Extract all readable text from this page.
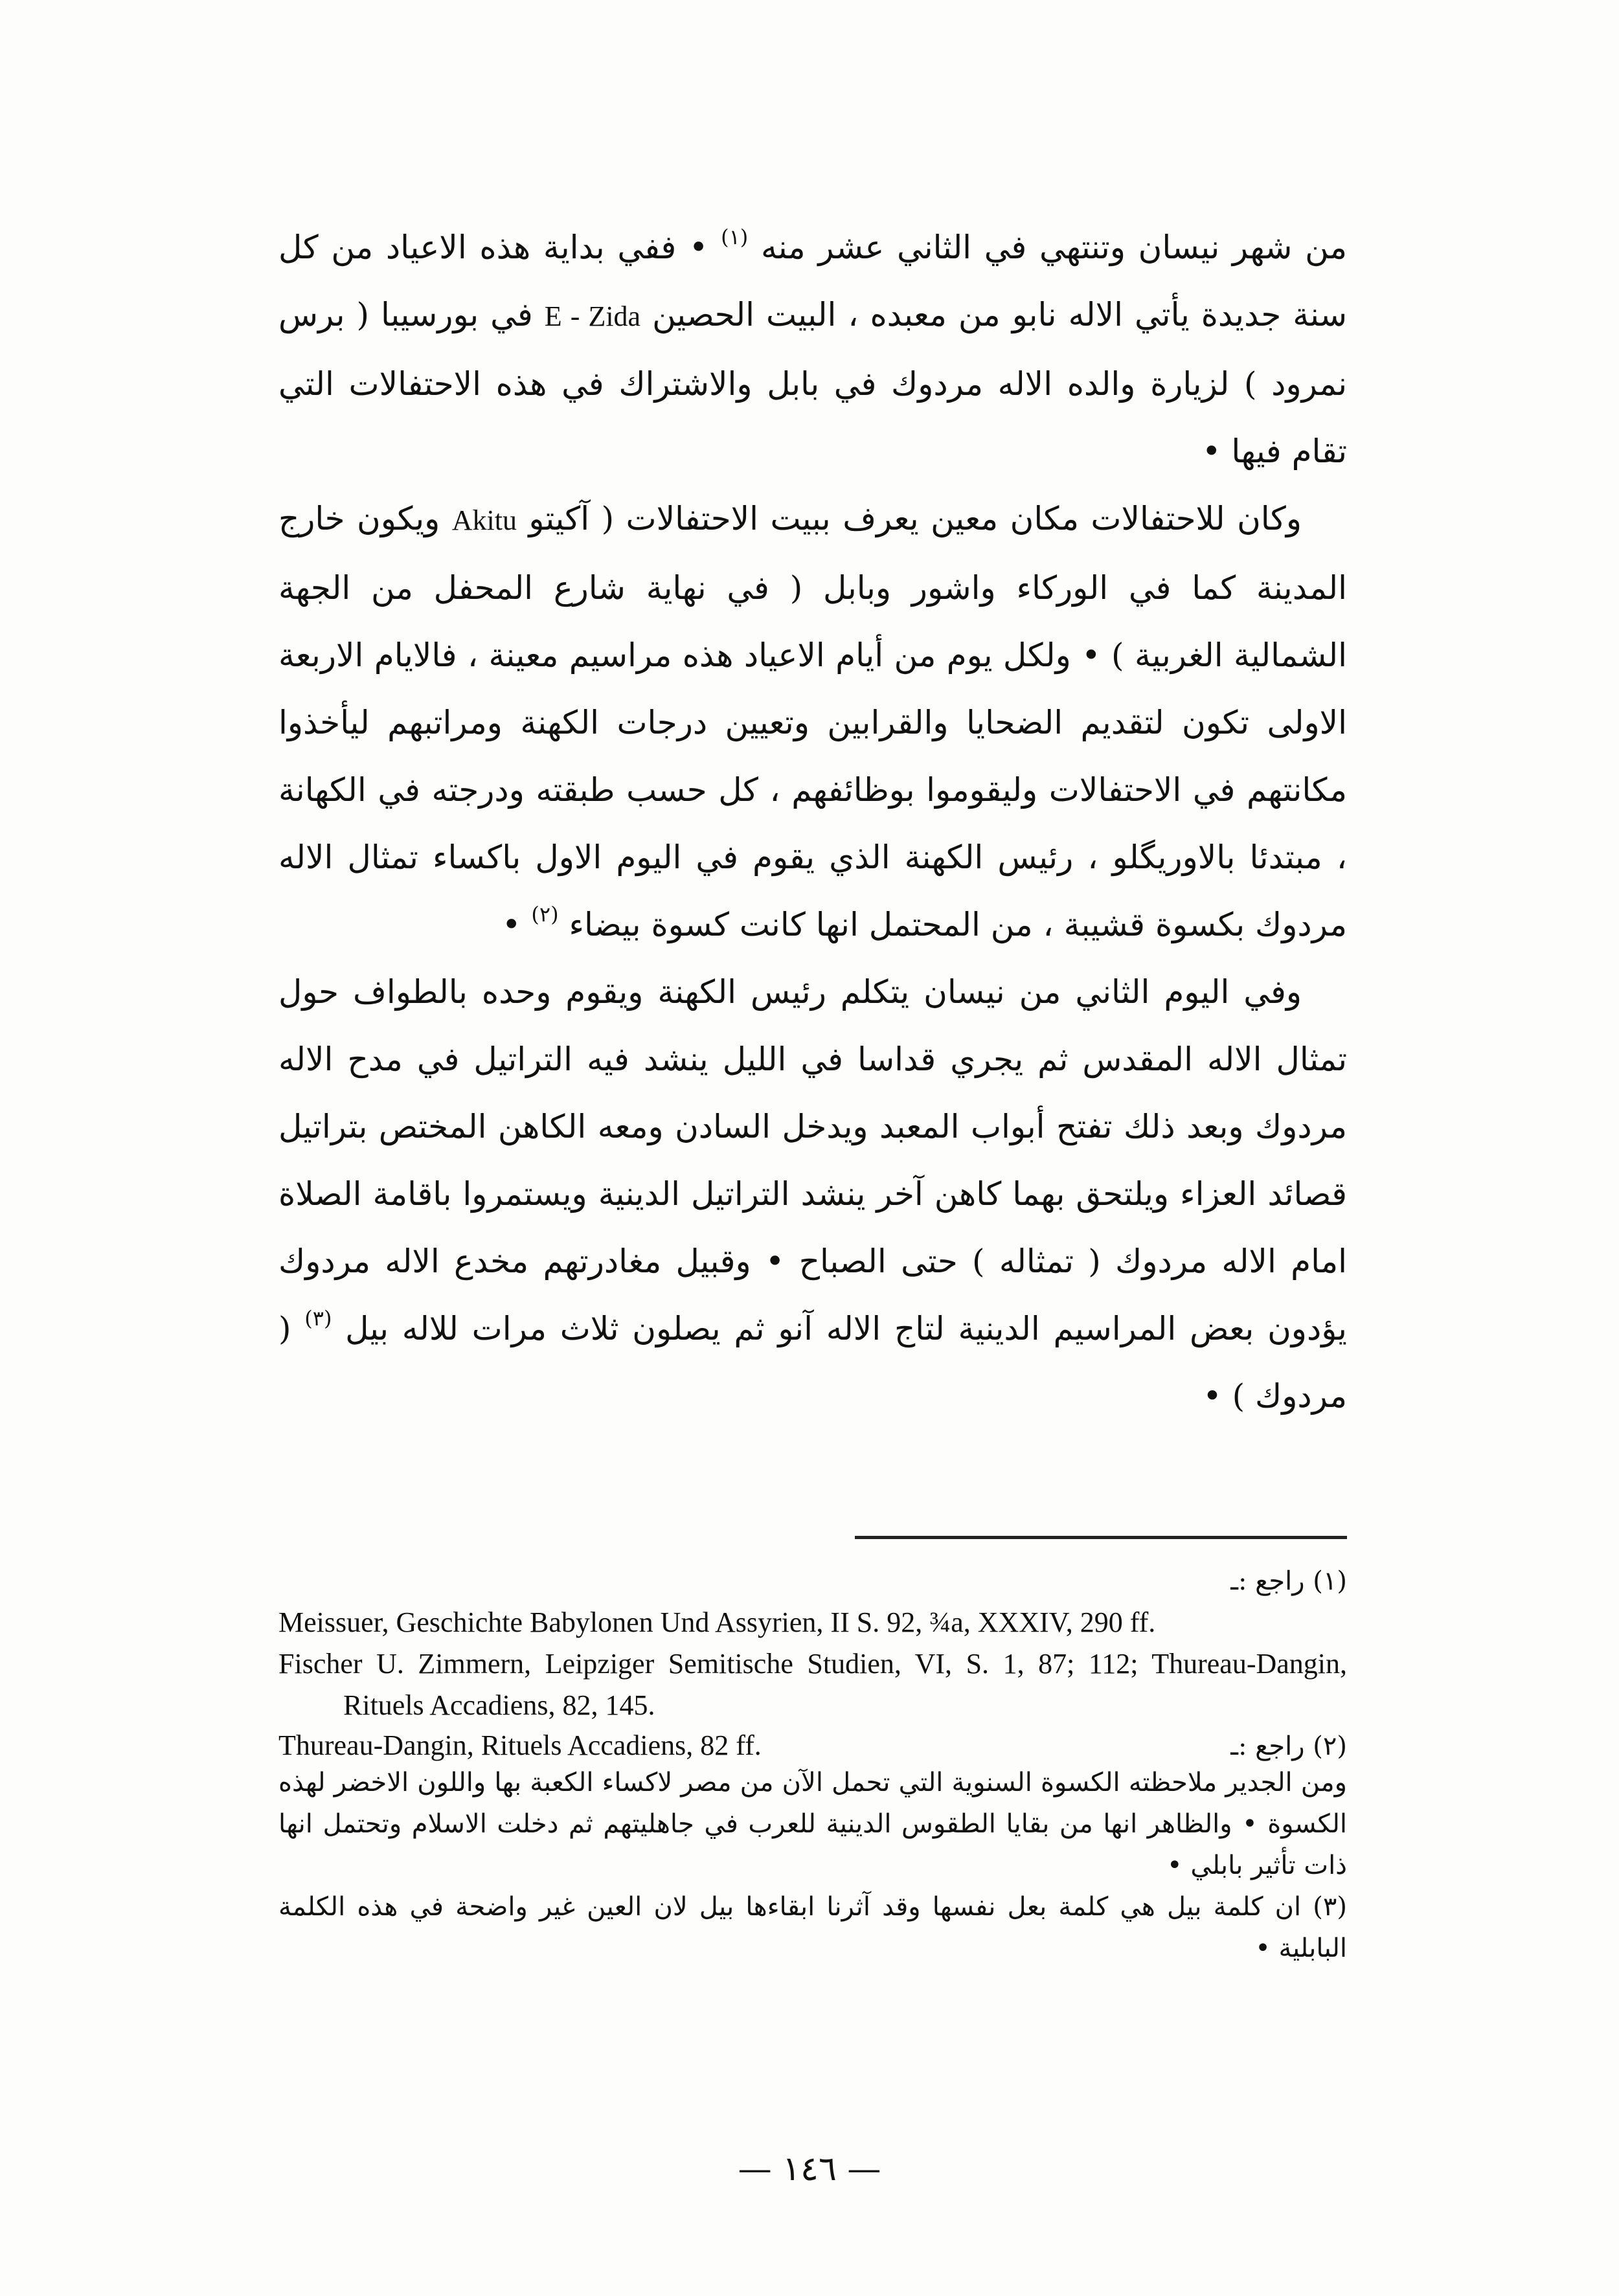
من شهر نيسان وتنتهي في الثاني عشر منه $^{(١)}$ • ففي بداية هذه الاعياد من كل سنة جديدة يأتي الاله نابو من معبده ، البيت الحصين E - Zida في بورسيبا ( برس نمرود ) لزيارة والده الاله مردوك في بابل والاشتراك في هذه الاحتفالات التي تقام فيها •

وكان للاحتفالات مكان معين يعرف ببيت الاحتفالات ( آكيتو Akitu ويكون خارج المدينة كما في الوركاء واشور وبابل ( في نهاية شارع المحفل من الجهة الشمالية الغربية ) • ولكل يوم من أيام الاعياد هذه مراسيم معينة ، فالايام الاربعة الاولى تكون لتقديم الضحايا والقرابين وتعيين درجات الكهنة ومراتبهم ليأخذوا مكانتهم في الاحتفالات وليقوموا بوظائفهم ، كل حسب طبقته ودرجته في الكهانة ، مبتدئا بالاوريگلو ، رئيس الكهنة الذي يقوم في اليوم الاول باكساء تمثال الاله مردوك بكسوة قشيبة ، من المحتمل انها كانت كسوة بيضاء $^{(٢)}$ •

وفي اليوم الثاني من نيسان يتكلم رئيس الكهنة ويقوم وحده بالطواف حول تمثال الاله المقدس ثم يجري قداسا في الليل ينشد فيه التراتيل في مدح الاله مردوك وبعد ذلك تفتح أبواب المعبد ويدخل السادن ومعه الكاهن المختص بتراتيل قصائد العزاء ويلتحق بهما كاهن آخر ينشد التراتيل الدينية ويستمروا باقامة الصلاة امام الاله مردوك ( تمثاله ) حتى الصباح • وقبيل مغادرتهم مخدع الاله مردوك يؤدون بعض المراسيم الدينية لتاج الاله آنو ثم يصلون ثلاث مرات للاله بيل $^{(٣)}$ ( مردوك ) •

(١) راجع :ـ

Meissuer, Geschichte Babylonen Und Assyrien, II S. 92, ¾a, XXXIV, 290 ff.

Fischer U. Zimmern, Leipziger Semitische Studien, VI, S. 1, 87; 112; Thureau-Dangin, Rituels Accadiens, 82, 145.

Thureau-Dangin, Rituels Accadiens, 82 ff.	(٢) راجع :ـ

ومن الجدير ملاحظته الكسوة السنوية التي تحمل الآن من مصر لاكساء الكعبة بها واللون الاخضر لهذه الكسوة • والظاهر انها من بقايا الطقوس الدينية للعرب في جاهليتهم ثم دخلت الاسلام وتحتمل انها ذات تأثير بابلي •

(٣) ان كلمة بيل هي كلمة بعل نفسها وقد آثرنا ابقاءها بيل لان العين غير واضحة في هذه الكلمة البابلية •

— ١٤٦ —
